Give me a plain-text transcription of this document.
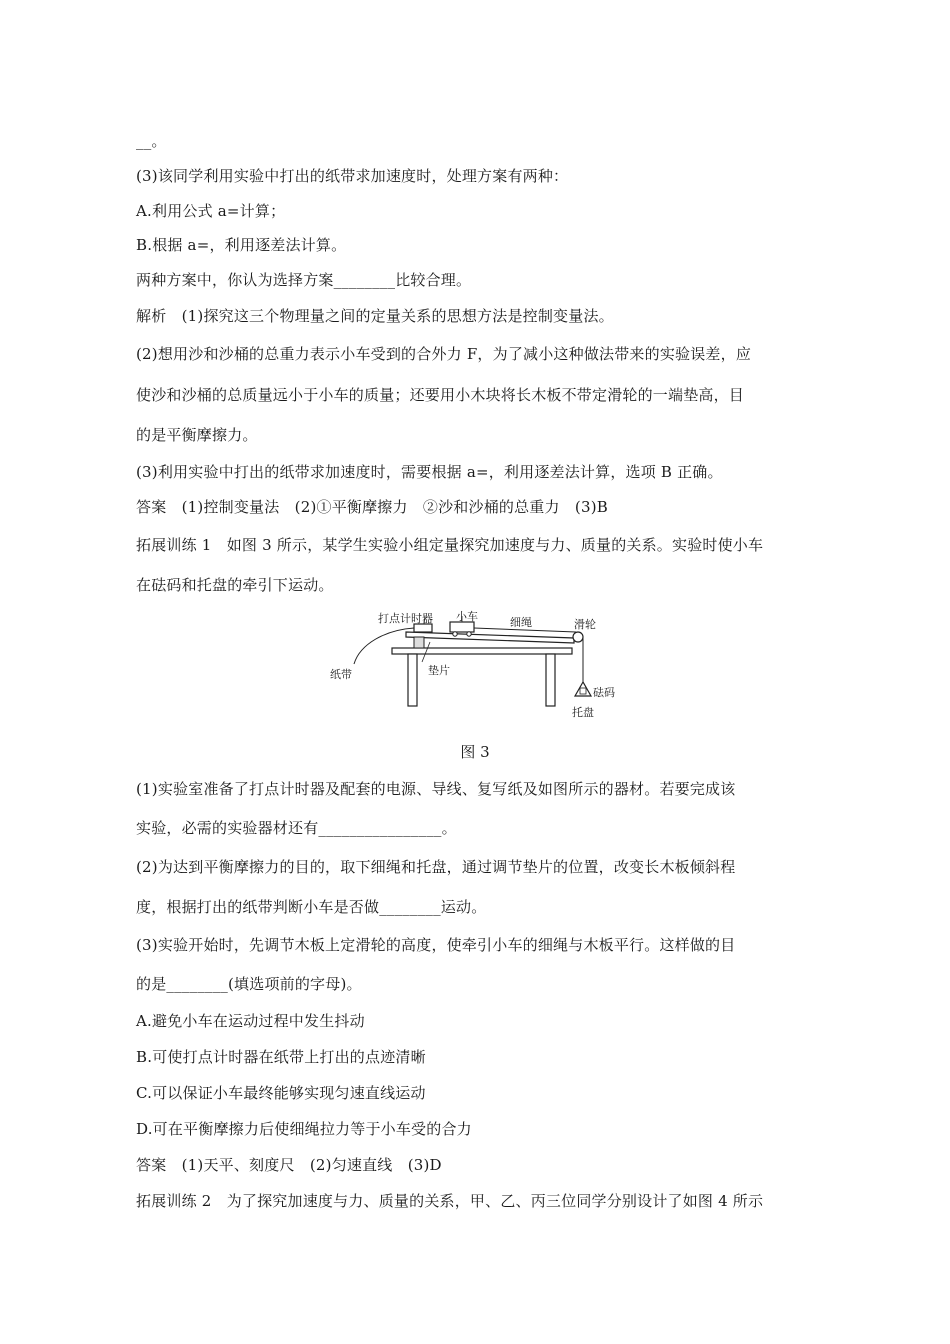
__。
(3)该同学利用实验中打出的纸带求加速度时，处理方案有两种：
A.利用公式 a=计算；
B.根据 a=，利用逐差法计算。
两种方案中，你认为选择方案________比较合理。
解析　(1)探究这三个物理量之间的定量关系的思想方法是控制变量法。
(2)想用沙和沙桶的总重力表示小车受到的合外力 F，为了减小这种做法带来的实验误差，应
使沙和沙桶的总质量远小于小车的质量；还要用小木块将长木板不带定滑轮的一端垫高，目
的是平衡摩擦力。
(3)利用实验中打出的纸带求加速度时，需要根据 a=，利用逐差法计算，选项 B 正确。
答案　(1)控制变量法　(2)①平衡摩擦力　②沙和沙桶的总重力　(3)B
拓展训练 1　如图 3 所示，某学生实验小组定量探究加速度与力、质量的关系。实验时使小车
在砝码和托盘的牵引下运动。
打点计时器 小车	细绳	滑轮
纸带	垫片
砝码
托盘
图 3
(1)实验室准备了打点计时器及配套的电源、导线、复写纸及如图所示的器材。若要完成该
实验，必需的实验器材还有________________。
(2)为达到平衡摩擦力的目的，取下细绳和托盘，通过调节垫片的位置，改变长木板倾斜程
度，根据打出的纸带判断小车是否做________运动。
(3)实验开始时，先调节木板上定滑轮的高度，使牵引小车的细绳与木板平行。这样做的目
的是________(填选项前的字母)。
A.避免小车在运动过程中发生抖动
B.可使打点计时器在纸带上打出的点迹清晰
C.可以保证小车最终能够实现匀速直线运动
D.可在平衡摩擦力后使细绳拉力等于小车受的合力
答案　(1)天平、刻度尺　(2)匀速直线　(3)D
拓展训练 2　为了探究加速度与力、质量的关系，甲、乙、丙三位同学分别设计了如图 4 所示
